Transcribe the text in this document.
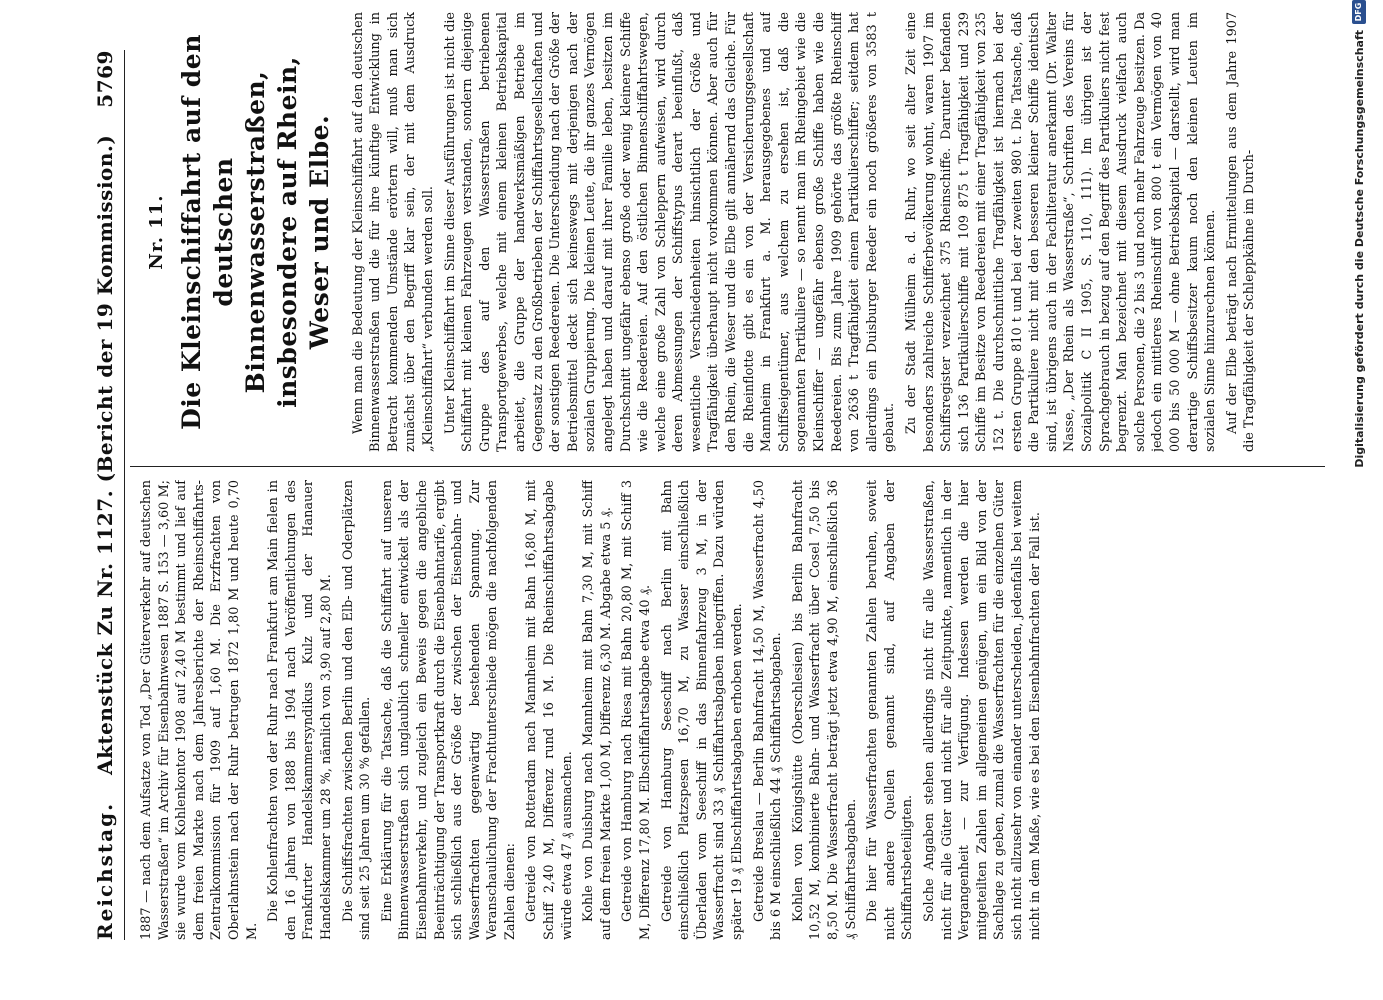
Reichstag.
Aktenstück Zu Nr. 1127. (Bericht der 19 Kommission.)
5769

1887 — nach dem Aufsatze von Tod „Der Güterverkehr auf deutschen Wasserstraßen“ im Archiv für Eisenbahnwesen 1887 S. 153 — 3,60 M; sie wurde vom Kohlenkontor 1908 auf 2,40 M bestimmt und lief auf dem freien Markte nach dem Jahresberichte der Rheinschiffahrts-Zentralkommission für 1909 auf 1,60 M. Die Erzfrachten von Oberlahnstein nach der Ruhr betrugen 1872 1,80 M und heute 0,70 M.

Die Kohlenfrachten von der Ruhr nach Frankfurt am Main fielen in den 16 Jahren von 1888 bis 1904 nach Veröffentlichungen des Frankfurter Handelskammersyndikus Kulz und der Hanauer Handelskammer um 28 %, nämlich von 3,90 auf 2,80 M. Die Schiffsfrachten zwischen Berlin und den Elb- und Oderplätzen sind seit 25 Jahren um 30 % gefallen. Eine Erklärung für die Tatsache, daß die Schiffahrt auf unseren Binnenwasserstraßen sich unglaublich schneller entwickelt als der Eisenbahnverkehr, und zugleich ein Beweis gegen die angebliche Beeinträchtigung der Transportkraft durch die Eisenbahntarife, ergibt sich schließlich aus der Größe der zwischen der Eisenbahn- und Wasserfrachten gegenwärtig bestehenden Spannung. Zur Veranschaulichung der Frachtunterschiede mögen die nachfolgenden Zahlen dienen: Getreide von Rotterdam nach Mannheim mit Bahn 16,80 M, mit Schiff 2,40 M, Differenz rund 16 M. Die Rheinschiffahrtsabgabe würde etwa 47 ₰ ausmachen. Kohle von Duisburg nach Mannheim mit Bahn 7,30 M, mit Schiff auf dem freien Markte 1,00 M, Differenz 6,30 M. Abgabe etwa 5 ₰. Getreide von Hamburg nach Riesa mit Bahn 20,80 M, mit Schiff 3 M, Differenz 17,80 M. Elbschiffahrtsabgabe etwa 40 ₰. Getreide von Hamburg Seeschiff nach Berlin mit Bahn einschließlich Platzspesen 16,70 M, zu Wasser einschließlich Überladen vom Seeschiff in das Binnenfahrzeug 3 M, in der Wasserfracht sind 33 ₰ Schiffahrtsabgaben inbegriffen. Dazu würden später 19 ₰ Elbschiffahrtsabgaben erhoben werden. Getreide Breslau — Berlin Bahnfracht 14,50 M, Wasserfracht 4,50 bis 6 M einschließlich 44 ₰ Schiffahrtsabgaben. Kohlen von Königshütte (Oberschlesien) bis Berlin Bahnfracht 10,52 M, kombinierte Bahn- und Wasserfracht über Cosel 7,50 bis 8,50 M. Die Wasserfracht beträgt jetzt etwa 4,90 M, einschließlich 36 ₰ Schiffahrtsabgaben. Die hier für Wasserfrachten genannten Zahlen beruhen, soweit nicht andere Quellen genannt sind, auf Angaben der Schiffahrtsbeteiligten. Solche Angaben stehen allerdings nicht für alle Wasserstraßen, nicht für alle Güter und nicht für alle Zeitpunkte, namentlich in der Vergangenheit — zur Verfügung. Indessen werden die hier mitgeteilten Zahlen im allgemeinen genügen, um ein Bild von der Sachlage zu geben, zumal die Wasserfrachten für die einzelnen Güter sich nicht allzusehr von einander unterscheiden, jedenfalls bei weitem nicht in dem Maße, wie es bei den Eisenbahnfrachten der Fall ist.

Nr. 11. Die Kleinschiffahrt auf den deutschen Binnenwasserstraßen, insbesondere auf Rhein, Weser und Elbe. Wenn man die Bedeutung der Kleinschiffahrt auf den deutschen Binnenwasserstraßen und die für ihre künftige Entwicklung in Betracht kommenden Umstände erörtern will, muß man sich zunächst über den Begriff klar sein, der mit dem Ausdruck „Kleinschiffahrt“ verbunden werden soll. Unter Kleinschiffahrt im Sinne dieser Ausführungen ist nicht die Schiffahrt mit kleinen Fahrzeugen verstanden, sondern diejenige Gruppe des auf den Wasserstraßen betriebenen Transportgewerbes, welche mit einem kleinen Betriebskapital arbeitet, die Gruppe der handwerksmäßigen Betriebe im Gegensatz zu den Großbetrieben der Schiffahrtsgesellschaften und der sonstigen Reedereien. Die Unterscheidung nach der Größe der Betriebsmittel deckt sich keineswegs mit derjenigen nach der sozialen Gruppierung. Die kleinen Leute, die ihr ganzes Vermögen angelegt haben und darauf mit ihrer Familie leben, besitzen im Durchschnitt ungefähr ebenso große oder wenig kleinere Schiffe wie die Reedereien. Auf den östlichen Binnenschiffahrtswegen, welche eine große Zahl von Schleppern aufweisen, wird durch deren Abmessungen der Schiffstypus derart beeinflußt, daß wesentliche Verschiedenheiten hinsichtlich der Größe und Tragfähigkeit überhaupt nicht vorkommen können. Aber auch für den Rhein, die Weser und die Elbe gilt annähernd das Gleiche. Für die Rheinflotte gibt es ein von der Versicherungsgesellschaft Mannheim in Frankfurt a. M. herausgegebenes und auf Schiffseigentümer, aus welchem zu ersehen ist, daß die sogenannten Partikuliere — so nennt man im Rheingebiet wie die Kleinschiffer — ungefähr ebenso große Schiffe haben wie die Reedereien. Bis zum Jahre 1909 gehörte das größte Rheinschiff von 2636 t Tragfähigkeit einem Partikulierschiffer; seitdem hat allerdings ein Duisburger Reeder ein noch größeres von 3583 t gebaut. Zu der Stadt Mülheim a. d. Ruhr, wo seit alter Zeit eine besonders zahlreiche Schifferbevölkerung wohnt, waren 1907 im Schiffsregister verzeichnet 375 Rheinschiffe. Darunter befanden sich 136 Partikulierschiffe mit 109 875 t Tragfähigkeit und 239 Schiffe im Besitze von Reedereien mit einer Tragfähigkeit von 235 152 t. Die durchschnittliche Tragfähigkeit ist hiernach bei der ersten Gruppe 810 t und bei der zweiten 980 t. Die Tatsache, daß die Partikuliere nicht mit den besseren kleiner Schiffe identisch sind, ist übrigens auch in der Fachliteratur anerkannt (Dr. Walter Nasse, „Der Rhein als Wasserstraße“, Schriften des Vereins für Sozialpolitik C II 1905, S. 110, 111). Im übrigen ist der Sprachgebrauch in bezug auf den Begriff des Partikuliers nicht fest begrenzt. Man bezeichnet mit diesem Ausdruck vielfach auch solche Personen, die 2 bis 3 und noch mehr Fahrzeuge besitzen. Da jedoch ein mittleres Rheinschiff von 800 t ein Vermögen von 40 000 bis 50 000 M — ohne Betriebskapital — darstellt, wird man derartige Schiffsbesitzer kaum noch den kleinen Leuten im sozialen Sinne hinzurechnen können. Auf der Elbe beträgt nach Ermittelungen aus dem Jahre 1907 die Tragfähigkeit der Schleppkähne im Durch-	Digitalisierung gefördert durch die Deutsche Forschungsgemeinschaft
DFG
